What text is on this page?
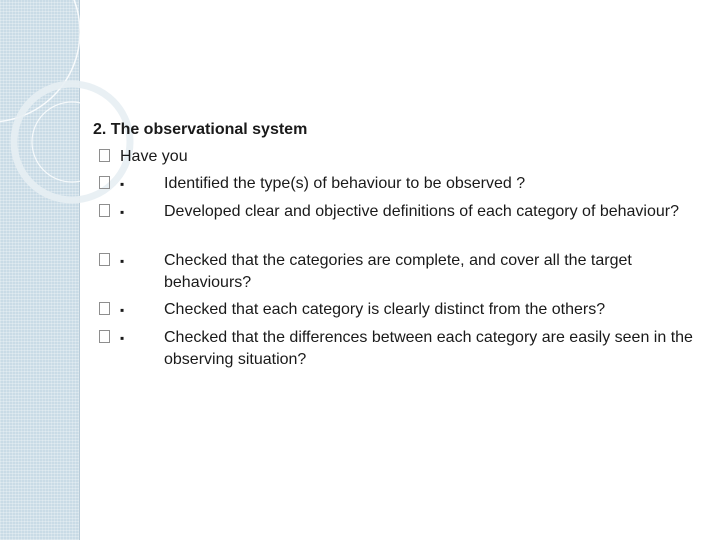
2. The observational system
Have you
▪ Identified the type(s) of behaviour to be observed ?
▪ Developed clear and objective definitions of each category of behaviour?
▪ Checked that the categories are complete, and cover all the target behaviours?
▪ Checked that each category is clearly distinct from the others?
▪ Checked that the differences between each category are easily seen in the observing situation?
